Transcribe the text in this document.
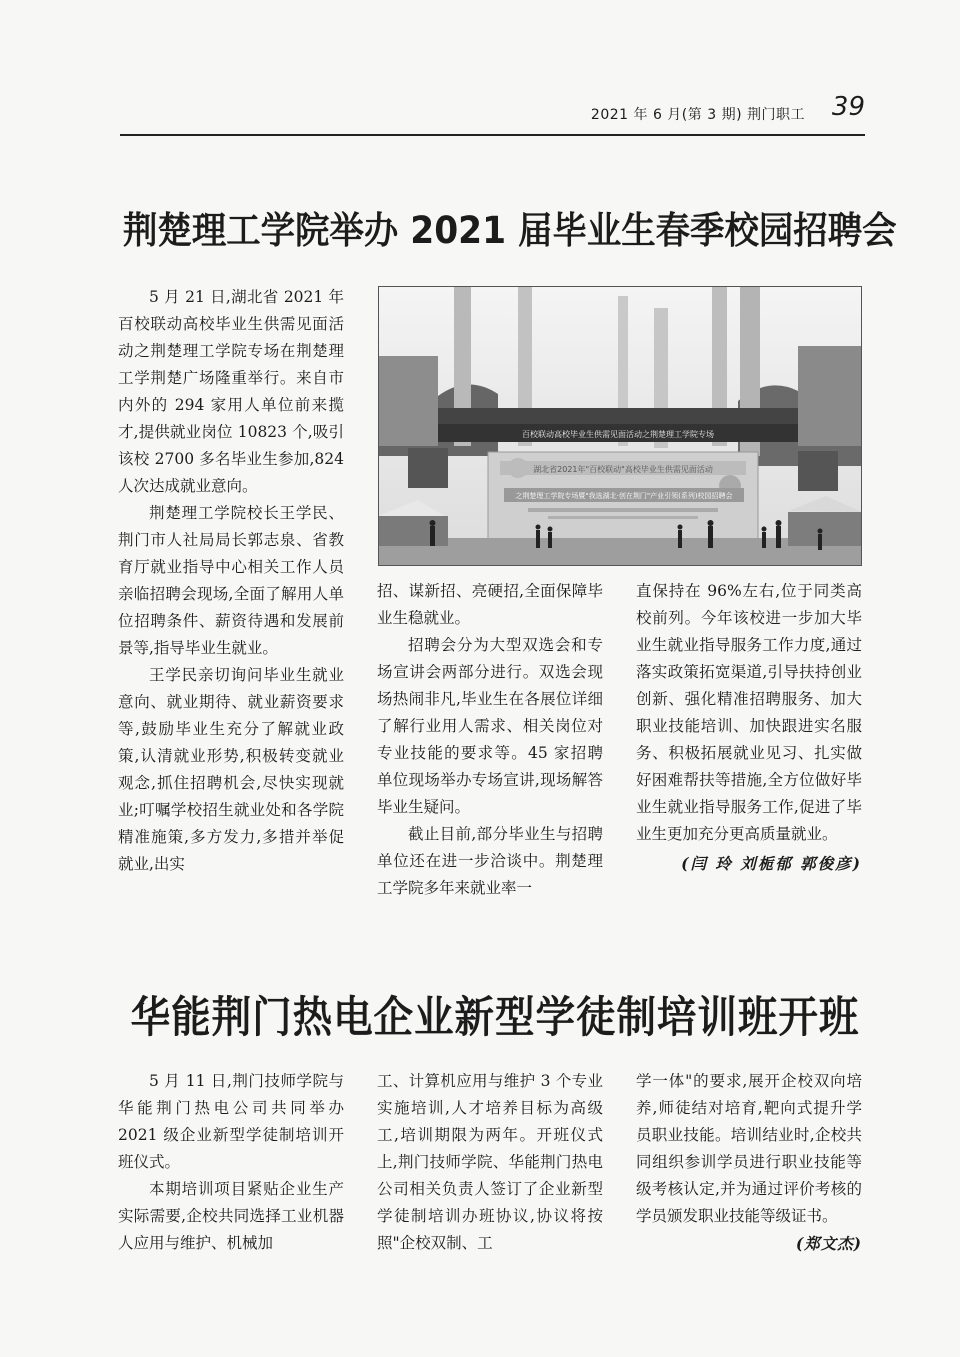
2021 年 6 月(第 3 期) 荆门职工 39
荆楚理工学院举办 2021 届毕业生春季校园招聘会

5 月 21 日,湖北省 2021 年百校联动高校毕业生供需见面活动之荆楚理工学院专场在荆楚理工学荆楚广场隆重举行。来自市内外的 294 家用人单位前来揽才,提供就业岗位 10823 个,吸引该校 2700 多名毕业生参加,824 人次达成就业意向。

荆楚理工学院校长王学民、荆门市人社局局长郭志泉、省教育厅就业指导中心相关工作人员亲临招聘会现场,全面了解用人单位招聘条件、薪资待遇和发展前景等,指导毕业生就业。

王学民亲切询问毕业生就业意向、就业期待、就业薪资要求等,鼓励毕业生充分了解就业政策,认清就业形势,积极转变就业观念,抓住招聘机会,尽快实现就业;叮嘱学校招生就业处和各学院精准施策,多方发力,多措并举促就业,出实

百校联动高校毕业生供需见面活动之荆楚理工学院专场
湖北省2021年"百校联动"高校毕业生供需见面活动
之荆楚理工学院专场暨"我选湖北·创在荆门"产业引领(系列)校园招聘会

招、谋新招、亮硬招,全面保障毕业生稳就业。

招聘会分为大型双选会和专场宣讲会两部分进行。双选会现场热闹非凡,毕业生在各展位详细了解行业用人需求、相关岗位对专业技能的要求等。45 家招聘单位现场举办专场宣讲,现场解答毕业生疑问。

截止目前,部分毕业生与招聘单位还在进一步洽谈中。荆楚理工学院多年来就业率一

直保持在 96%左右,位于同类高校前列。今年该校进一步加大毕业生就业指导服务工作力度,通过落实政策拓宽渠道,引导扶持创业创新、强化精准招聘服务、加大职业技能培训、加快跟进实名服务、积极拓展就业见习、扎实做好困难帮扶等措施,全方位做好毕业生就业指导服务工作,促进了毕业生更加充分更高质量就业。

(闫 玲 刘栀郁 郭俊彦)
华能荆门热电企业新型学徒制培训班开班

5 月 11 日,荆门技师学院与华能荆门热电公司共同举办 2021 级企业新型学徒制培训开班仪式。

本期培训项目紧贴企业生产实际需要,企校共同选择工业机器人应用与维护、机械加

工、计算机应用与维护 3 个专业实施培训,人才培养目标为高级工,培训期限为两年。开班仪式上,荆门技师学院、华能荆门热电公司相关负责人签订了企业新型学徒制培训办班协议,协议将按照"企校双制、工

学一体"的要求,展开企校双向培养,师徒结对培育,靶向式提升学员职业技能。培训结业时,企校共同组织参训学员进行职业技能等级考核认定,并为通过评价考核的学员颁发职业技能等级证书。
(郑文杰)
